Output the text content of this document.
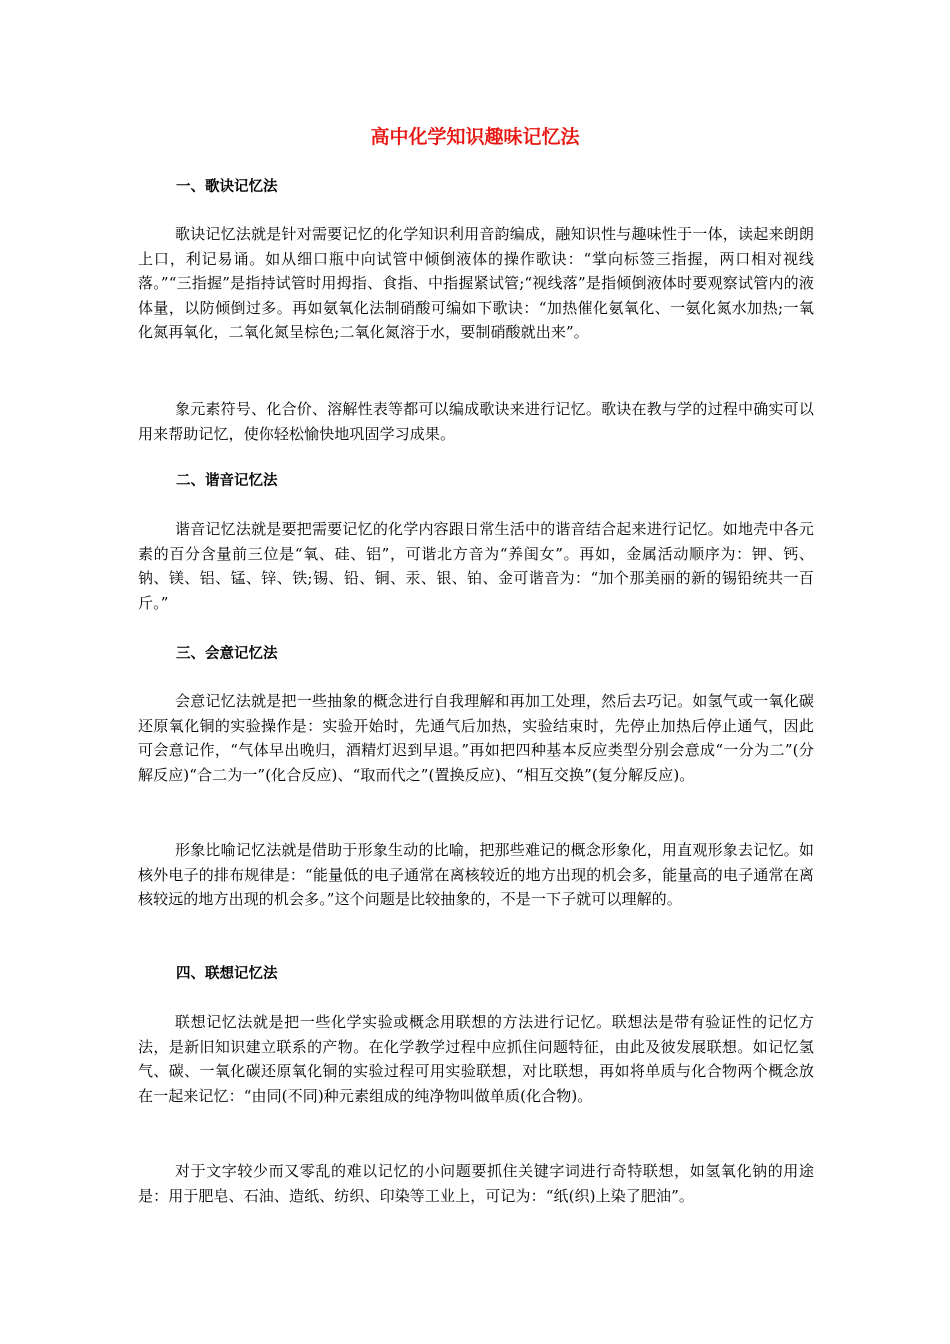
高中化学知识趣味记忆法
一、歌诀记忆法

歌诀记忆法就是针对需要记忆的化学知识利用音韵编成，融知识性与趣味性于一体，读起来朗朗上口，利记易诵。如从细口瓶中向试管中倾倒液体的操作歌诀：“掌向标签三指握，两口相对视线落。”“三指握”是指持试管时用拇指、食指、中指握紧试管;“视线落”是指倾倒液体时要观察试管内的液体量，以防倾倒过多。再如氨氧化法制硝酸可编如下歌诀：“加热催化氨氧化、一氨化氮水加热;一氧化氮再氧化，二氧化氮呈棕色;二氧化氮溶于水，要制硝酸就出来”。

象元素符号、化合价、溶解性表等都可以编成歌诀来进行记忆。歌诀在教与学的过程中确实可以用来帮助记忆，使你轻松愉快地巩固学习成果。

二、谐音记忆法

谐音记忆法就是要把需要记忆的化学内容跟日常生活中的谐音结合起来进行记忆。如地壳中各元素的百分含量前三位是“氧、硅、铝”，可谐北方音为“养闺女”。再如，金属活动顺序为：钾、钙、钠、镁、铝、锰、锌、铁;锡、铅、铜、汞、银、铂、金可谐音为：“加个那美丽的新的锡铅统共一百斤。”

三、会意记忆法

会意记忆法就是把一些抽象的概念进行自我理解和再加工处理，然后去巧记。如氢气或一氧化碳还原氧化铜的实验操作是：实验开始时，先通气后加热，实验结束时，先停止加热后停止通气，因此可会意记作，“气体早出晚归，酒精灯迟到早退。”再如把四种基本反应类型分别会意成“一分为二”(分解反应)“合二为一”(化合反应)、“取而代之”(置换反应)、“相互交换”(复分解反应)。

形象比喻记忆法就是借助于形象生动的比喻，把那些难记的概念形象化，用直观形象去记忆。如核外电子的排布规律是：“能量低的电子通常在离核较近的地方出现的机会多，能量高的电子通常在离核较远的地方出现的机会多。”这个问题是比较抽象的，不是一下子就可以理解的。

四、联想记忆法

联想记忆法就是把一些化学实验或概念用联想的方法进行记忆。联想法是带有验证性的记忆方法，是新旧知识建立联系的产物。在化学教学过程中应抓住问题特征，由此及彼发展联想。如记忆氢气、碳、一氧化碳还原氧化铜的实验过程可用实验联想，对比联想，再如将单质与化合物两个概念放在一起来记忆：“由同(不同)种元素组成的纯净物叫做单质(化合物)。

对于文字较少而又零乱的难以记忆的小问题要抓住关键字词进行奇特联想，如氢氧化钠的用途是：用于肥皂、石油、造纸、纺织、印染等工业上，可记为：“纸(织)上染了肥油”。
